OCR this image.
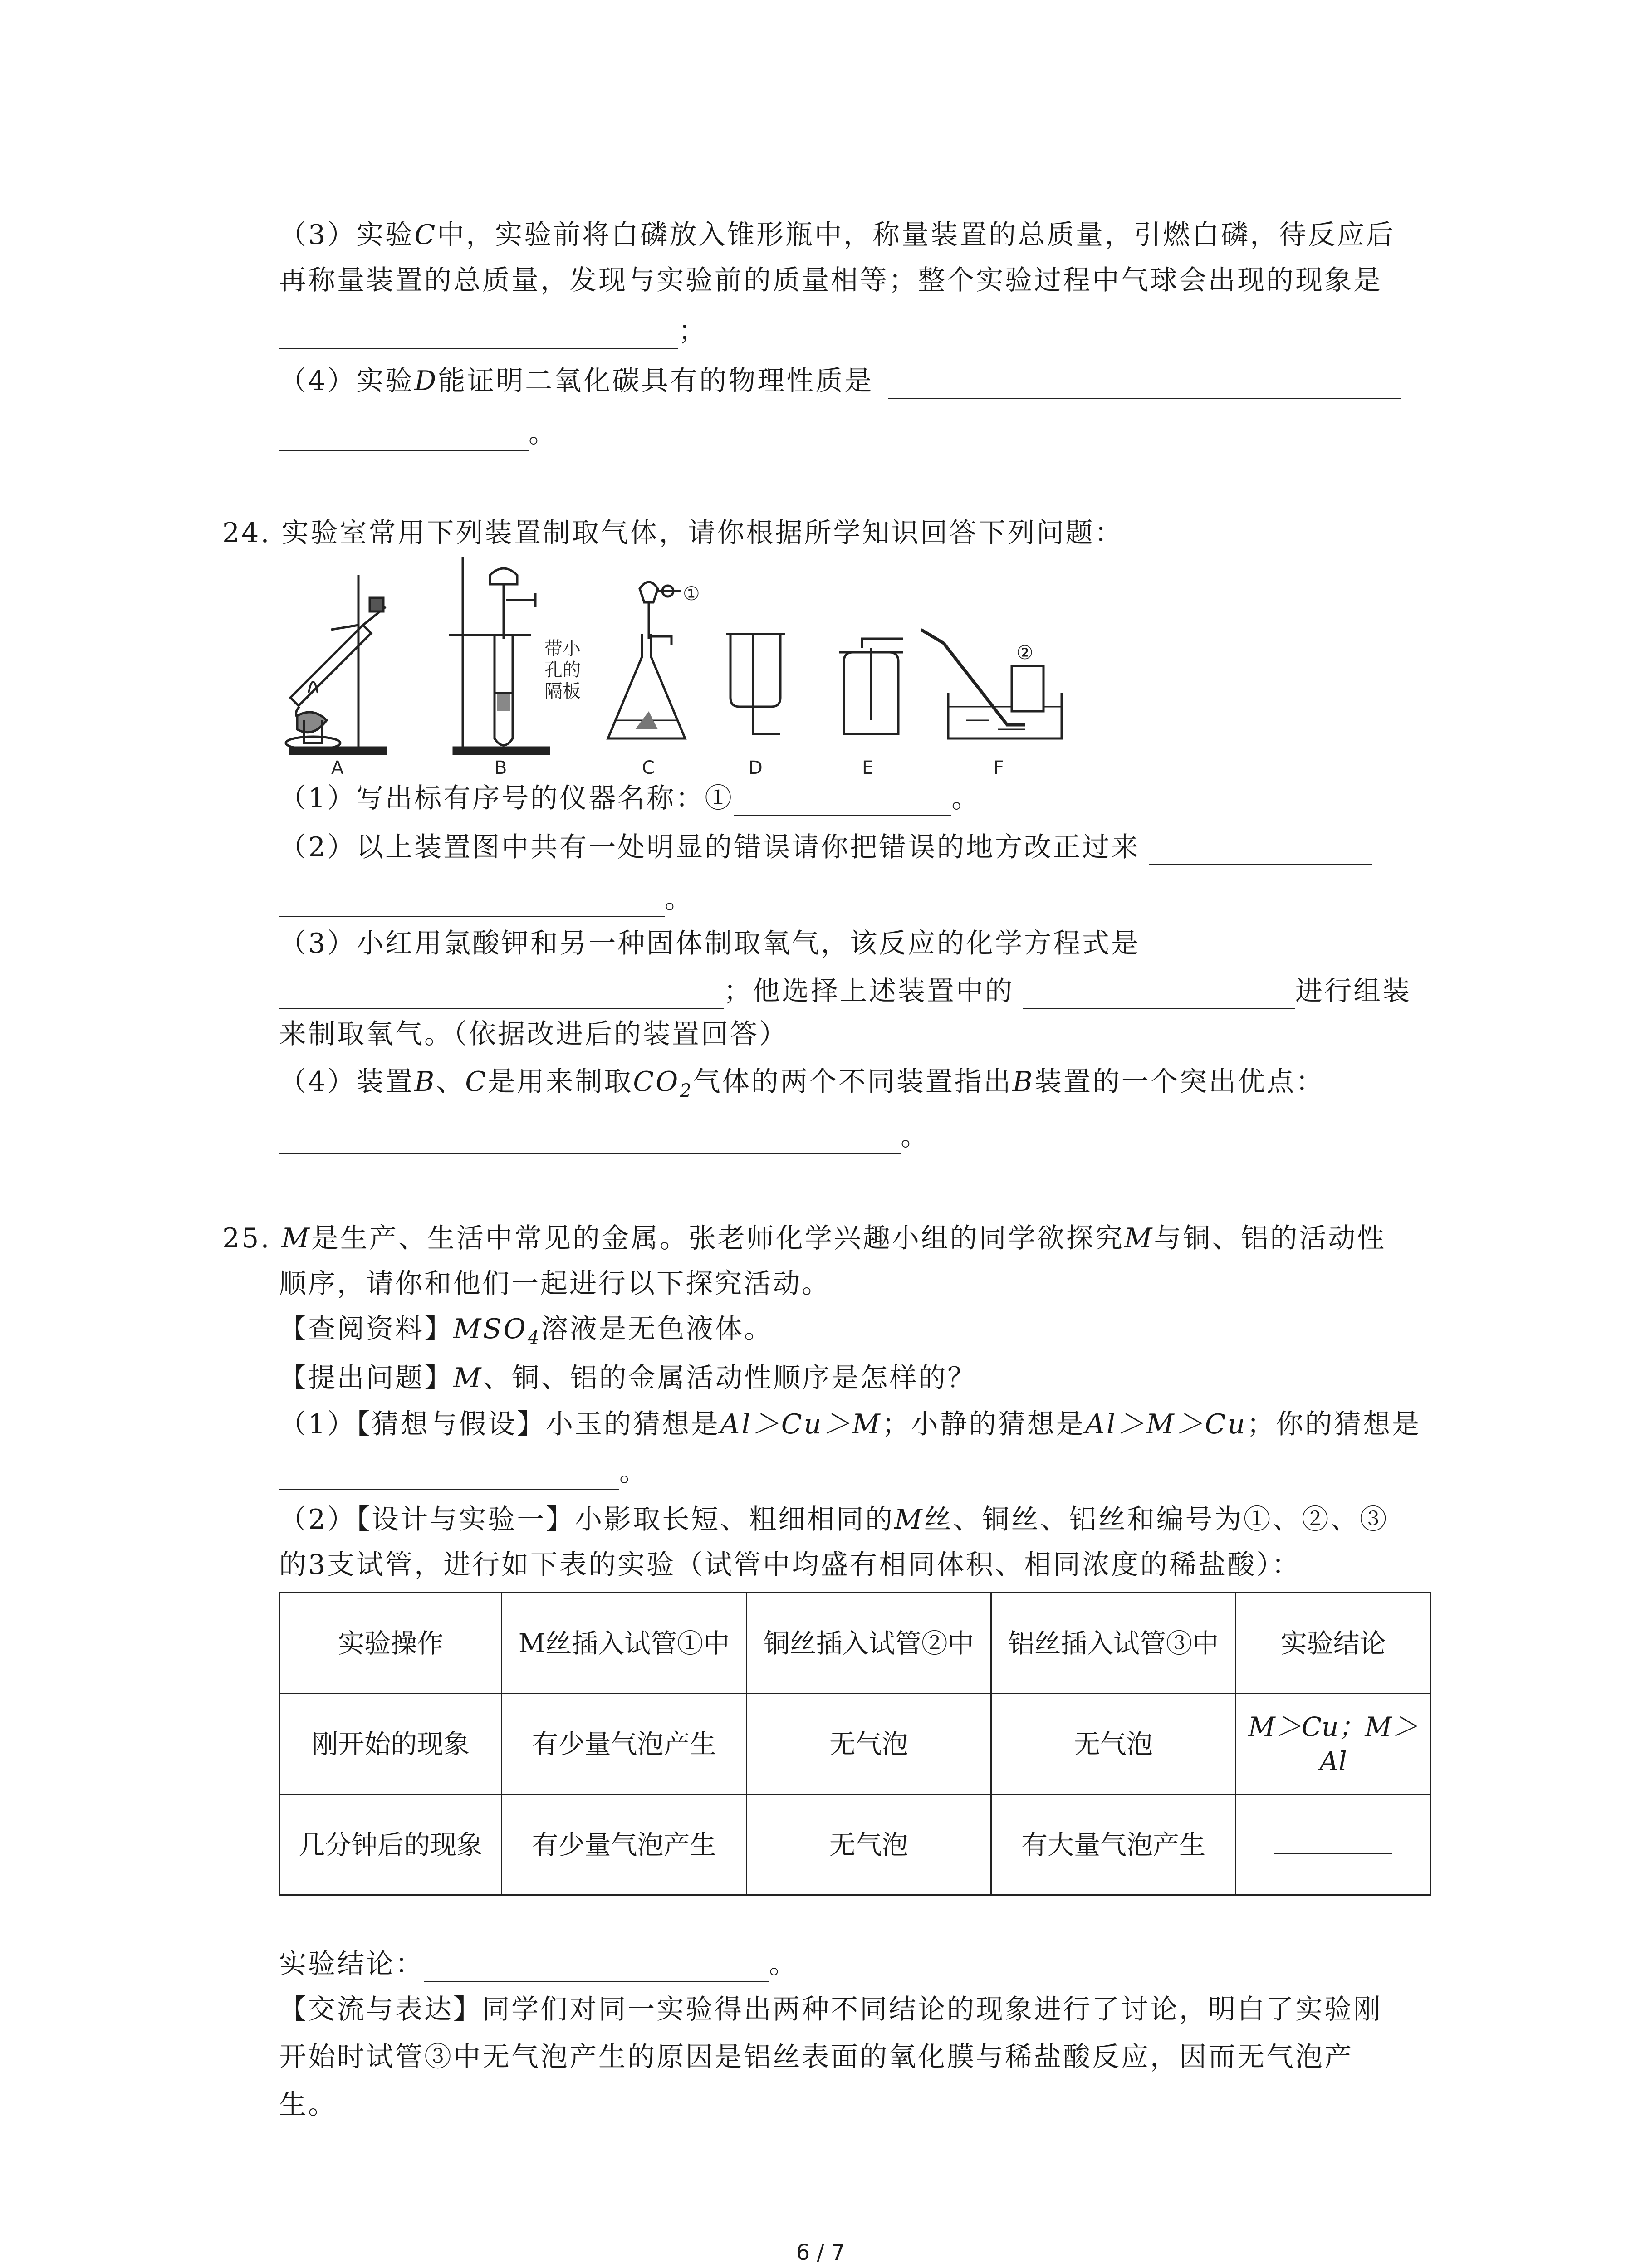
（3）实验C中，实验前将白磷放入锥形瓶中，称量装置的总质量，引燃白磷，待反应后
再称量装置的总质量，发现与实验前的质量相等；整个实验过程中气球会出现的现象是
；
（4）实验D能证明二氧化碳具有的物理性质是
。
24. 实验室常用下列装置制取气体，请你根据所学知识回答下列问题：
带小
孔的
隔板
①
②
A	B	C	D	E	F
（1）写出标有序号的仪器名称：①	。
（2）以上装置图中共有一处明显的错误请你把错误的地方改正过来
。
（3）小红用氯酸钾和另一种固体制取氧气，该反应的化学方程式是
；他选择上述装置中的	进行组装
来制取氧气。（依据改进后的装置回答）
（4）装置B、C是用来制取$CO_2$气体的两个不同装置指出B装置的一个突出优点：
。
25. M是生产、生活中常见的金属。张老师化学兴趣小组的同学欲探究M与铜、铝的活动性
顺序，请你和他们一起进行以下探究活动。
【查阅资料】$MSO_4$溶液是无色液体。
【提出问题】M、铜、铝的金属活动性顺序是怎样的？
（1）【猜想与假设】小玉的猜想是Al＞Cu＞M；小静的猜想是Al＞M＞Cu；你的猜想是
。
（2）【设计与实验一】小影取长短、粗细相同的M丝、铜丝、铝丝和编号为①、②、③
的3支试管，进行如下表的实验（试管中均盛有相同体积、相同浓度的稀盐酸）：
实验操作	M丝插入试管①中	铜丝插入试管②中	铝丝插入试管③中	实验结论
刚开始的现象	有少量气泡产生	无气泡	无气泡	M＞Cu；M＞Al
几分钟后的现象	有少量气泡产生	无气泡	有大量气泡产生	
实验结论：	。
【交流与表达】同学们对同一实验得出两种不同结论的现象进行了讨论，明白了实验刚
开始时试管③中无气泡产生的原因是铝丝表面的氧化膜与稀盐酸反应，因而无气泡产
生。
6 / 7
